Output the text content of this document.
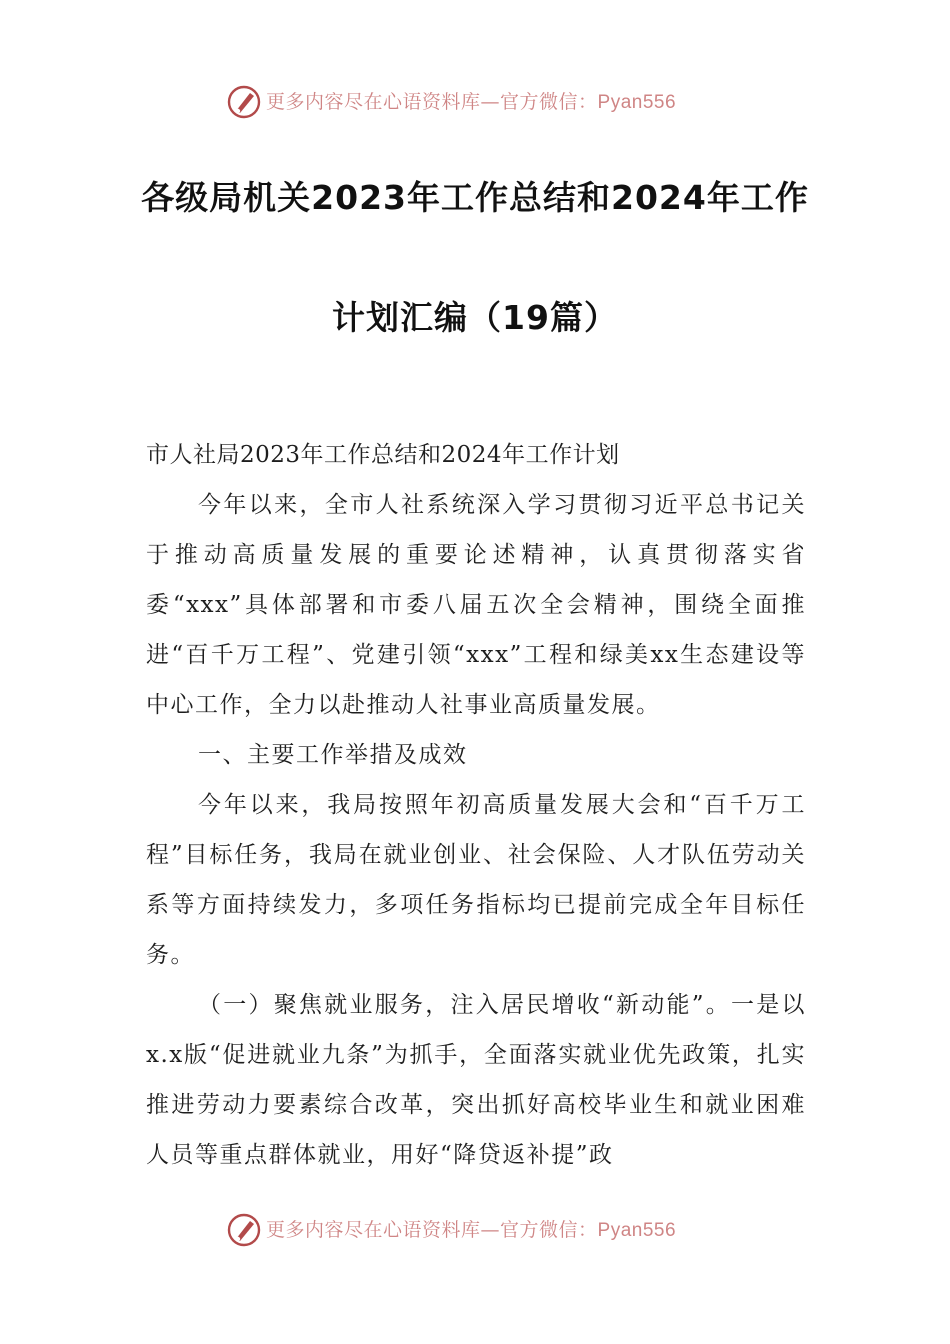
更多内容尽在心语资料库—官方微信：Pyan556
各级局机关2023年工作总结和2024年工作
计划汇编（19篇）

市人社局2023年工作总结和2024年工作计划

今年以来，全市人社系统深入学习贯彻习近平总书记关于推动高质量发展的重要论述精神，认真贯彻落实省委“xxx”具体部署和市委八届五次全会精神，围绕全面推进“百千万工程”、党建引领“xxx”工程和绿美xx生态建设等中心工作，全力以赴推动人社事业高质量发展。

一、主要工作举措及成效

今年以来，我局按照年初高质量发展大会和“百千万工程”目标任务，我局在就业创业、社会保险、人才队伍劳动关系等方面持续发力，多项任务指标均已提前完成全年目标任务。

（一）聚焦就业服务，注入居民增收“新动能”。一是以x.x版“促进就业九条”为抓手，全面落实就业优先政策，扎实推进劳动力要素综合改革，突出抓好高校毕业生和就业困难人员等重点群体就业，用好“降贷返补提”政

更多内容尽在心语资料库—官方微信：Pyan556
